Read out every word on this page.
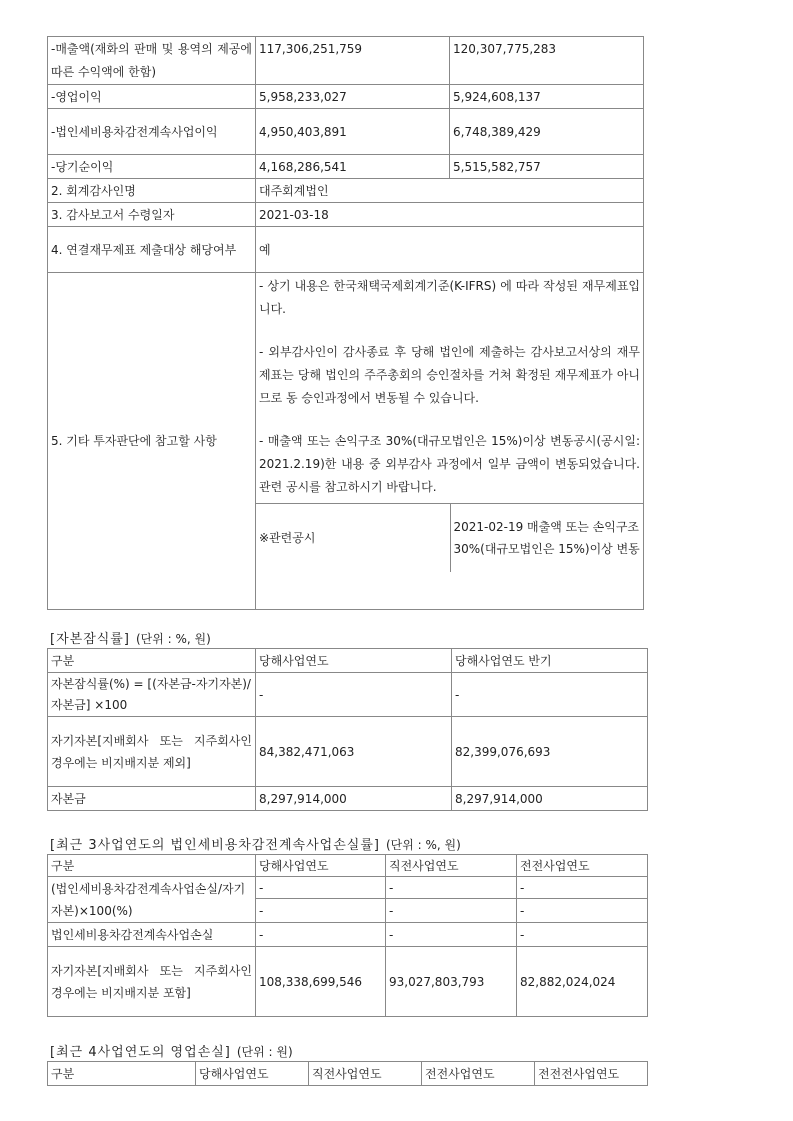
-매출액(재화의 판매 및 용역의 제공에 따른 수익액에 한함)	117,306,251,759	120,307,775,283
-영업이익	5,958,233,027	5,924,608,137
-법인세비용차감전계속사업이익	4,950,403,891	6,748,389,429
-당기순이익	4,168,286,541	5,515,582,757
2. 회계감사인명	대주회계법인
3. 감사보고서 수령일자	2021-03-18
4. 연결재무제표 제출대상 해당여부	예
5. 기타 투자판단에 참고할 사항	

- 상기 내용은 한국채택국제회계기준(K-IFRS) 에 따라 작성된 재무제표입니다.

- 외부감사인이 감사종료 후 당해 법인에 제출하는 감사보고서상의 재무제표는 당해 법인의 주주총회의 승인절차를 거쳐 확정된 재무제표가 아니므로 동 승인과정에서 변동될 수 있습니다.

- 매출액 또는 손익구조 30%(대규모법인은 15%)이상 변동공시(공시일: 2021.2.19)한 내용 중 외부감사 과정에서 일부 금액이 변동되었습니다. 관련 공시를 참고하시기 바랍니다.

※관련공시	2021-02-19 매출액 또는 손익구조 30%(대규모법인은 15%)이상 변동
[자본잠식률] (단위 : %, 원)
구분	당해사업연도	당해사업연도 반기
자본잠식률(%) = [(자본금-자기자본)/자본금] ×100	-	-
자기자본[지배회사 또는 지주회사인 경우에는 비지배지분 제외]	84,382,471,063	82,399,076,693
자본금	8,297,914,000	8,297,914,000
[최근 3사업연도의 법인세비용차감전계속사업손실률] (단위 : %, 원)
구분	당해사업연도	직전사업연도	전전사업연도
(법인세비용차감전계속사업손실/자기자본)×100(%)	-	-	-
	-	-	-
법인세비용차감전계속사업손실	-	-	-
자기자본[지배회사 또는 지주회사인 경우에는 비지배지분 포함]	108,338,699,546	93,027,803,793	82,882,024,024
[최근 4사업연도의 영업손실] (단위 : 원)
구분	당해사업연도	직전사업연도	전전사업연도	전전전사업연도
